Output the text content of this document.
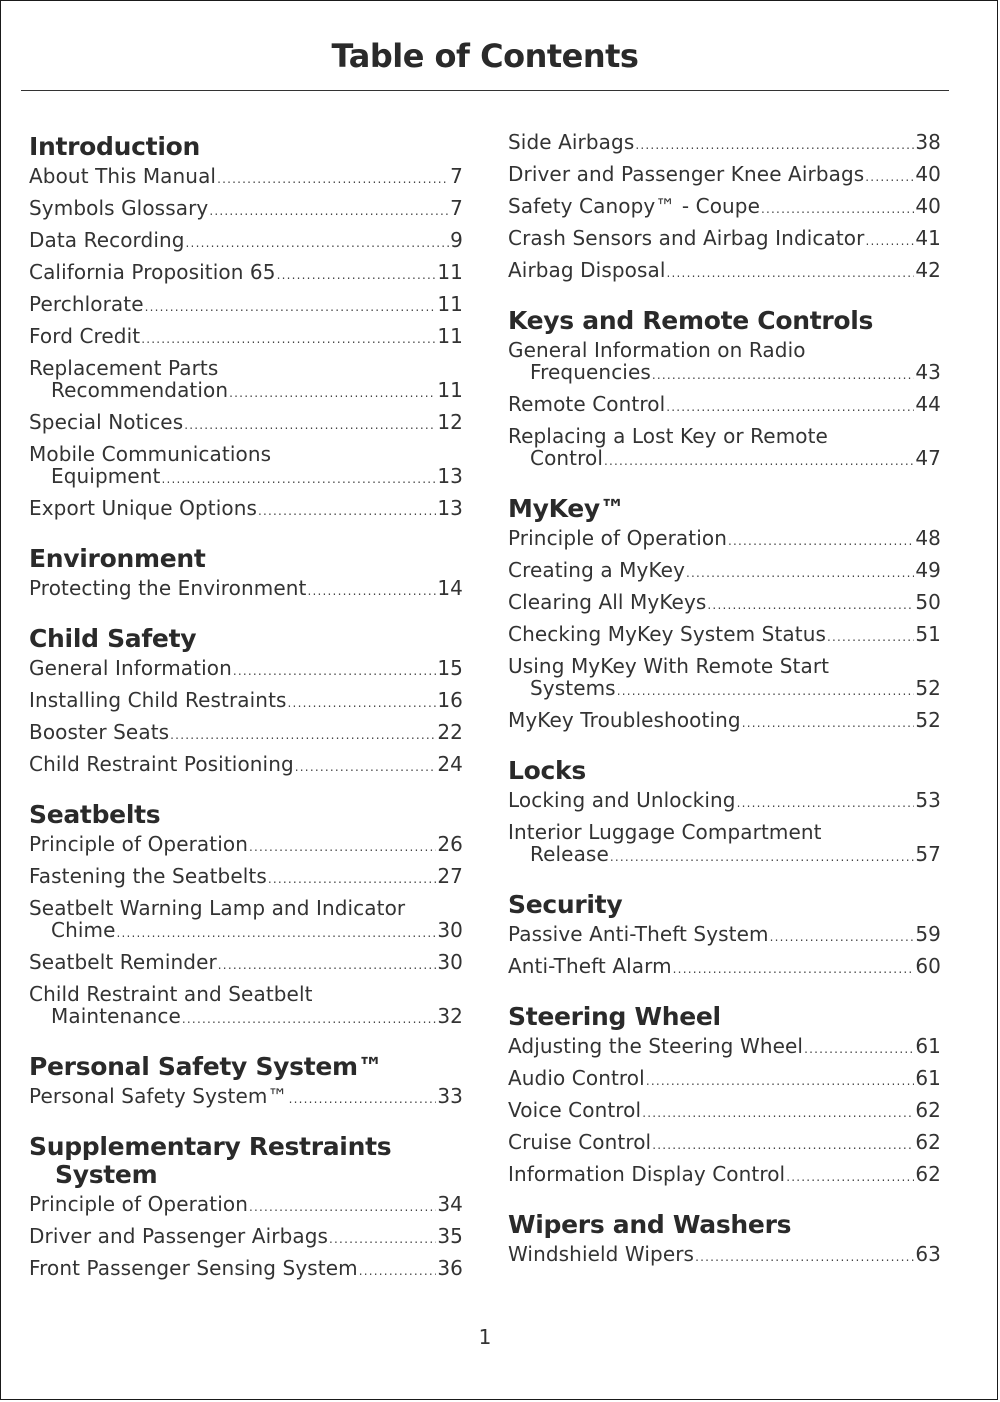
Table of Contents
Introduction
About This Manual .....	7
Symbols Glossary .....	7
Data Recording .....	9
California Proposition 65 .....	11
Perchlorate .....	11
Ford Credit .....	11
Replacement Parts
Recommendation .....	11
Special Notices .....	12
Mobile Communications
Equipment .....	13
Export Unique Options .....	13
Environment
Protecting the Environment .....	14
Child Safety
General Information .....	15
Installing Child Restraints .....	16
Booster Seats .....	22
Child Restraint Positioning .....	24
Seatbelts
Principle of Operation .....	26
Fastening the Seatbelts .....	27
Seatbelt Warning Lamp and Indicator
Chime .....	30
Seatbelt Reminder .....	30
Child Restraint and Seatbelt
Maintenance .....	32
Personal Safety System™
Personal Safety System™ .....	33
Supplementary Restraints
System
Principle of Operation .....	34
Driver and Passenger Airbags .....	35
Front Passenger Sensing System .....	36
Side Airbags .....	38
Driver and Passenger Knee Airbags .....	40
Safety Canopy™ - Coupe .....	40
Crash Sensors and Airbag Indicator .....	41
Airbag Disposal .....	42
Keys and Remote Controls
General Information on Radio
Frequencies .....	43
Remote Control .....	44
Replacing a Lost Key or Remote
Control .....	47
MyKey™
Principle of Operation .....	48
Creating a MyKey .....	49
Clearing All MyKeys .....	50
Checking MyKey System Status .....	51
Using MyKey With Remote Start
Systems .....	52
MyKey Troubleshooting .....	52
Locks
Locking and Unlocking .....	53
Interior Luggage Compartment
Release .....	57
Security
Passive Anti-Theft System .....	59
Anti-Theft Alarm .....	60
Steering Wheel
Adjusting the Steering Wheel .....	61
Audio Control .....	61
Voice Control .....	62
Cruise Control .....	62
Information Display Control .....	62
Wipers and Washers
Windshield Wipers .....	63
1
